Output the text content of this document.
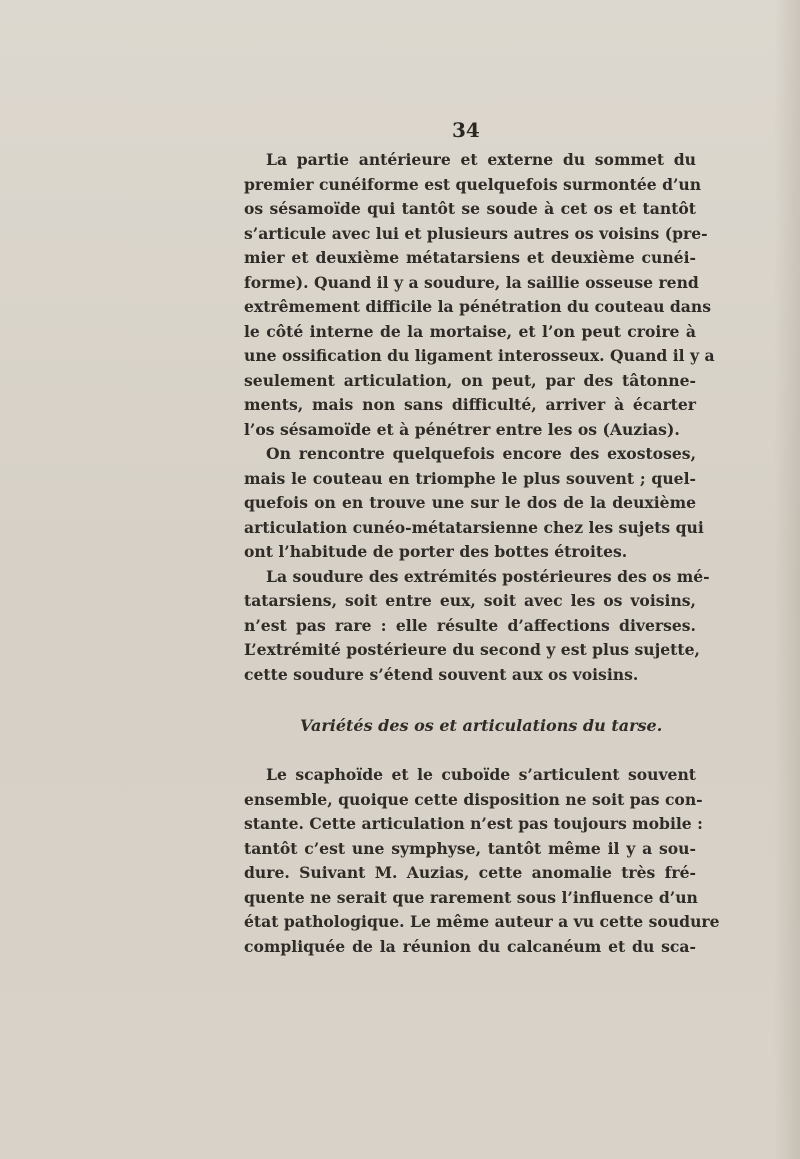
34
La partie antérieure et externe du sommet du
premier cunéiforme est quelquefois surmontée d’un
os sésamoïde qui tantôt se soude à cet os et tantôt
s’articule avec lui et plusieurs autres os voisins (pre-
mier et deuxième métatarsiens et deuxième cunéi-
forme). Quand il y a soudure, la saillie osseuse rend
extrêmement difficile la pénétration du couteau dans
le côté interne de la mortaise, et l’on peut croire à
une ossification du ligament interosseux. Quand il y a
seulement articulation, on peut, par des tâtonne-
ments, mais non sans difficulté, arriver à écarter
l’os sésamoïde et à pénétrer entre les os (Auzias).
On rencontre quelquefois encore des exostoses,
mais le couteau en triomphe le plus souvent ; quel-
quefois on en trouve une sur le dos de la deuxième
articulation cunéo-métatarsienne chez les sujets qui
ont l’habitude de porter des bottes étroites.
La soudure des extrémités postérieures des os mé-
tatarsiens, soit entre eux, soit avec les os voisins,
n’est pas rare : elle résulte d’affections diverses.
L’extrémité postérieure du second y est plus sujette,
cette soudure s’étend souvent aux os voisins.
Variétés des os et articulations du tarse.
Le scaphoïde et le cuboïde s’articulent souvent
ensemble, quoique cette disposition ne soit pas con-
stante. Cette articulation n’est pas toujours mobile :
tantôt c’est une symphyse, tantôt même il y a sou-
dure. Suivant M. Auzias, cette anomalie très fré-
quente ne serait que rarement sous l’influence d’un
état pathologique. Le même auteur a vu cette soudure
compliquée de la réunion du calcanéum et du sca-
